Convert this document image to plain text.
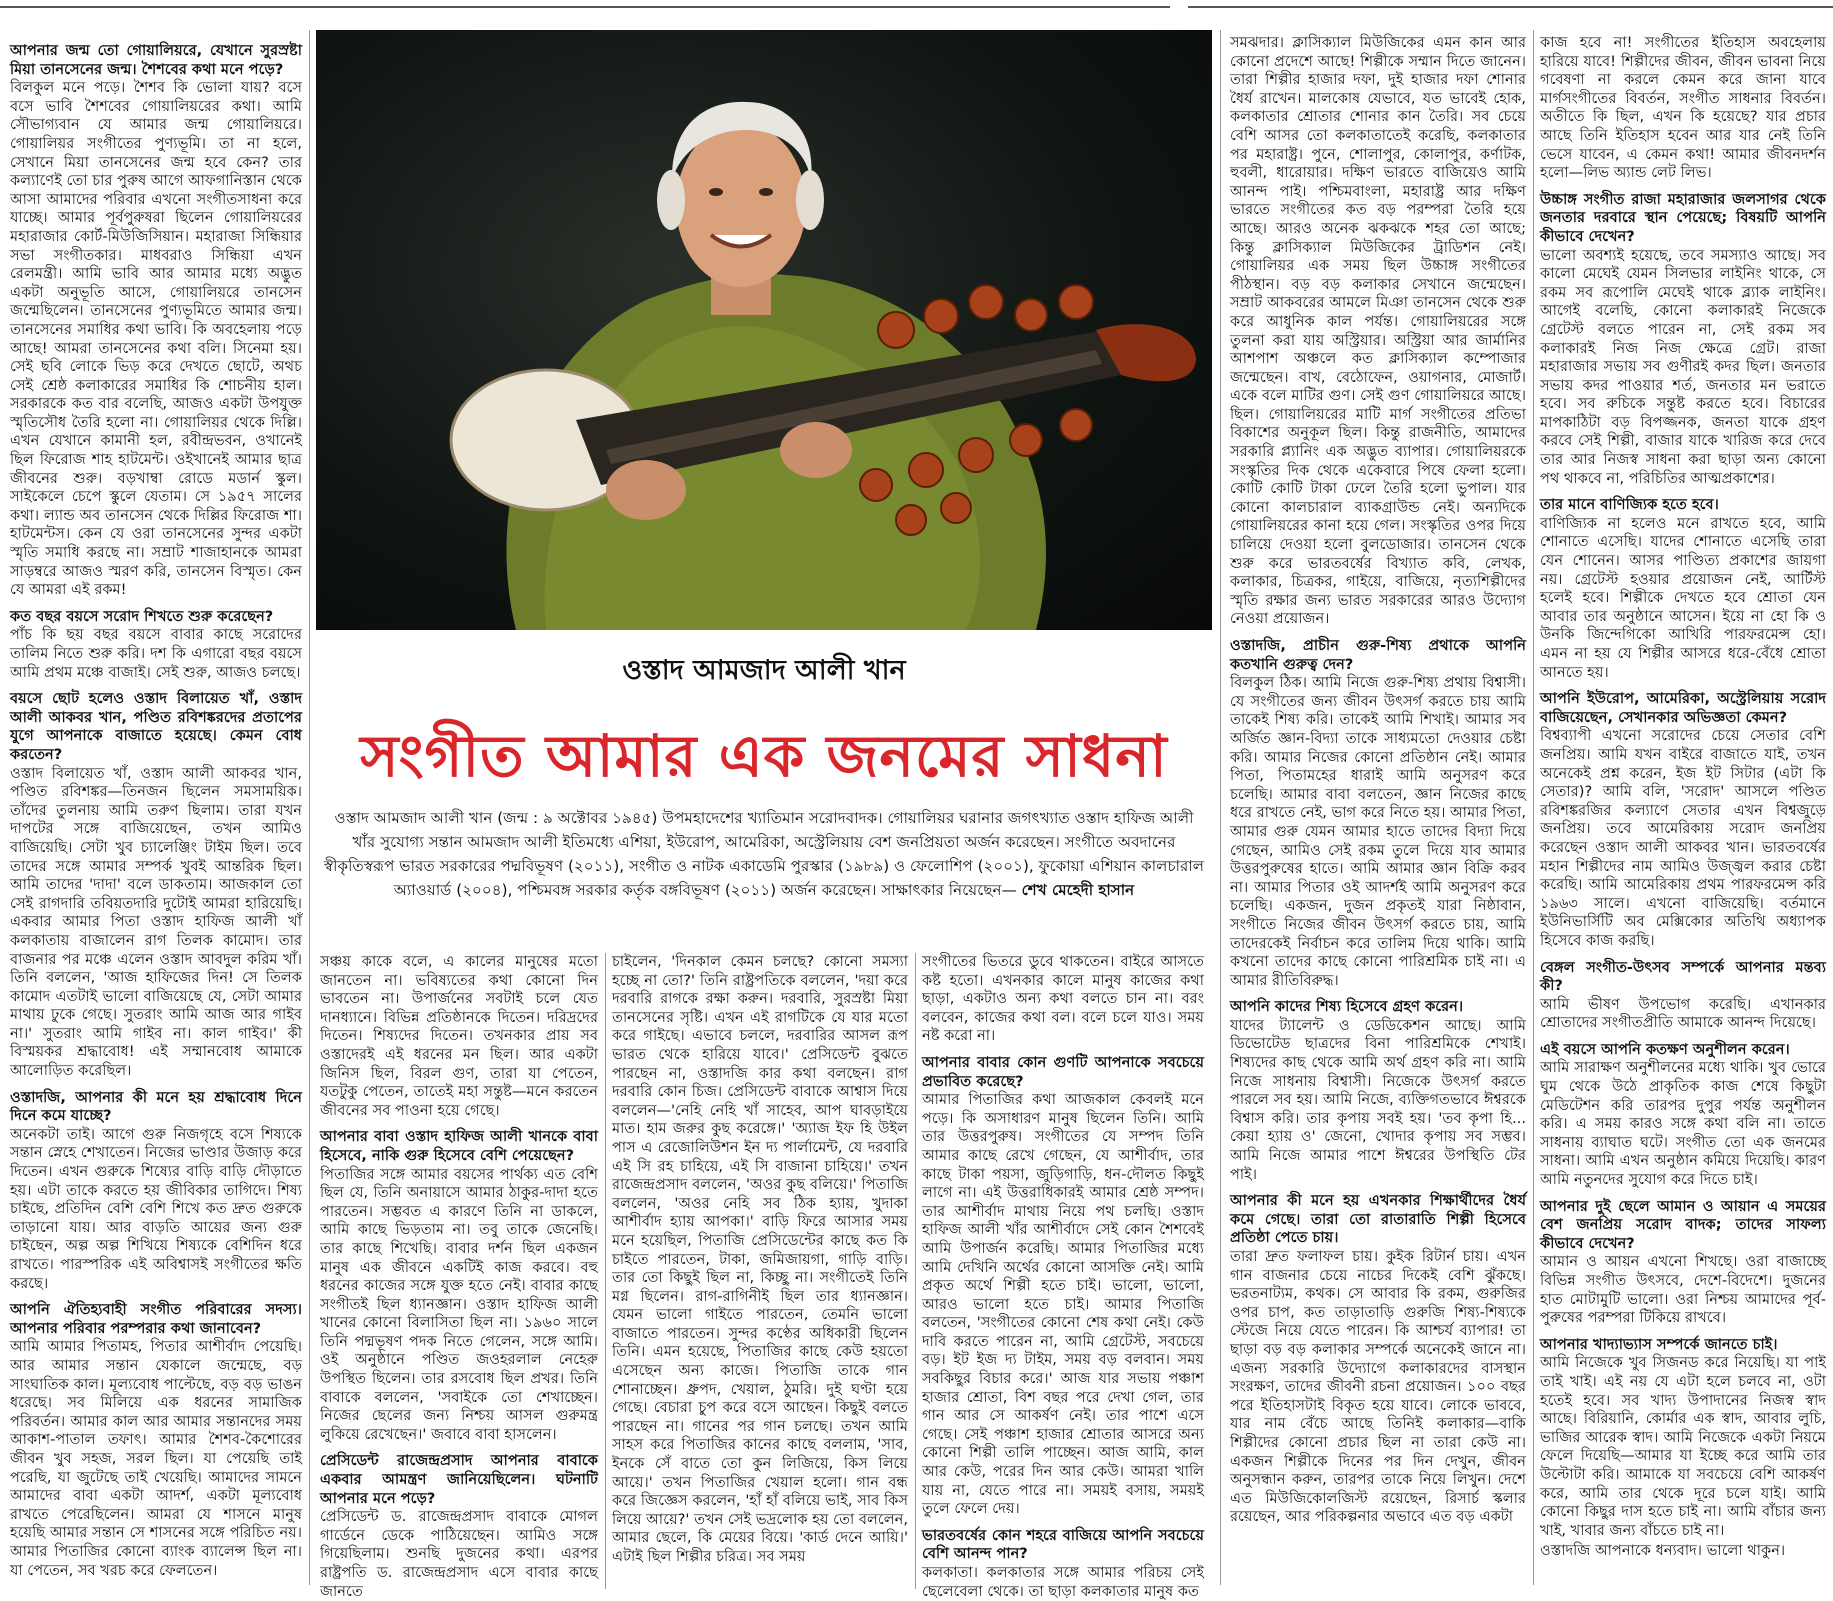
আপনার জন্ম তো গোয়ালিয়রে, যেখানে সুরস্রষ্টা মিয়া তানসেনের জন্ম। শৈশবের কথা মনে পড়ে?

বিলকুল মনে পড়ে। শৈশব কি ভোলা যায়? বসে বসে ভাবি শৈশবের গোয়ালিয়রের কথা। আমি সৌভাগ্যবান যে আমার জন্ম গোয়ালিয়রে। গোয়ালিয়র সংগীতের পুণ্যভূমি। তা না হলে, সেখানে মিয়া তানসেনের জন্ম হবে কেন? তার কল্যাণেই তো চার পুরুষ আগে আফগানিস্তান থেকে আসা আমাদের পরিবার এখনো সংগীতসাধনা করে যাচ্ছে। আমার পূর্বপুরুষরা ছিলেন গোয়ালিয়রের মহারাজার কোর্ট-মিউজিসিয়ান। মহারাজা সিন্ধিয়ার সভা সংগীতকার। মাধবরাও সিন্ধিয়া এখন রেলমন্ত্রী। আমি ভাবি আর আমার মধ্যে অদ্ভুত একটা অনুভূতি আসে, গোয়ালিয়রে তানসেন জন্মেছিলেন। তানসেনের পুণ্যভূমিতে আমার জন্ম। তানসেনের সমাধির কথা ভাবি। কি অবহেলায় পড়ে আছে! আমরা তানসেনের কথা বলি। সিনেমা হয়। সেই ছবি লোকে ভিড় করে দেখতে ছোটে, অথচ সেই শ্রেষ্ঠ কলাকারের সমাধির কি শোচনীয় হাল। সরকারকে কত বার বলেছি, আজও একটা উপযুক্ত স্মৃতিসৌধ তৈরি হলো না। গোয়ালিয়র থেকে দিল্লি। এখন যেখানে কামানী হল, রবীন্দ্রভবন, ওখানেই ছিল ফিরোজ শাহ হাটমেন্ট। ওইখানেই আমার ছাত্র জীবনের শুরু। বড়খাম্বা রোডে মডার্ন স্কুল। সাইকেলে চেপে স্কুলে যেতাম। সে ১৯৫৭ সালের কথা। ল্যান্ড অব তানসেন থেকে দিল্লির ফিরোজ শা। হাটমেন্টস। কেন যে ওরা তানসেনের সুন্দর একটা স্মৃতি সমাধি করছে না। সম্রাট শাজাহানকে আমরা সাড়ম্বরে আজও স্মরণ করি, তানসেন বিস্মৃত। কেন যে আমরা এই রকম!

কত বছর বয়সে সরোদ শিখতে শুরু করেছেন?

পাঁচ কি ছয় বছর বয়সে বাবার কাছে সরোদের তালিম নিতে শুরু করি। দশ কি এগারো বছর বয়সে আমি প্রথম মঞ্চে বাজাই। সেই শুরু, আজও চলছে।

বয়সে ছোট হলেও ওস্তাদ বিলায়েত খাঁ, ওস্তাদ আলী আকবর খান, পণ্ডিত রবিশঙ্করদের প্রতাপের যুগে আপনাকে বাজাতে হয়েছে। কেমন বোধ করতেন?

ওস্তাদ বিলায়েত খাঁ, ওস্তাদ আলী আকবর খান, পণ্ডিত রবিশঙ্কর—তিনজন ছিলেন সমসাময়িক। তাঁদের তুলনায় আমি তরুণ ছিলাম। তারা যখন দাপটের সঙ্গে বাজিয়েছেন, তখন আমিও বাজিয়েছি। সেটা খুব চ্যালেঞ্জিং টাইম ছিল। তবে তাদের সঙ্গে আমার সম্পর্ক খুবই আন্তরিক ছিল। আমি তাদের 'দাদা' বলে ডাকতাম। আজকাল তো সেই রাগদারি তবিয়তদারি দুটোই আমরা হারিয়েছি। একবার আমার পিতা ওস্তাদ হাফিজ আলী খাঁ কলকাতায় বাজালেন রাগ তিলক কামোদ। তার বাজনার পর মঞ্চে এলেন ওস্তাদ আবদুল করিম খাঁ। তিনি বললেন, 'আজ হাফিজের দিন! সে তিলক কামোদ এতটাই ভালো বাজিয়েছে যে, সেটা আমার মাথায় ঢুকে গেছে। সুতরাং আমি আজ আর গাইব না।' সুতরাং আমি গাইব না। কাল গাইব।' কী বিস্ময়কর শ্রদ্ধাবোধ! এই সম্মানবোধ আমাকে আলোড়িত করেছিল।

ওস্তাদজি, আপনার কী মনে হয় শ্রদ্ধাবোধ দিনে দিনে কমে যাচ্ছে?

অনেকটা তাই। আগে গুরু নিজগৃহে বসে শিষ্যকে সন্তান স্নেহে শেখাতেন। নিজের ভাণ্ডার উজাড় করে দিতেন। এখন গুরুকে শিষ্যের বাড়ি বাড়ি দৌড়াতে হয়। এটা তাকে করতে হয় জীবিকার তাগিদে। শিষ্য চাইছে, প্রতিদিন বেশি বেশি শিখে কত দ্রুত গুরুকে তাড়ানো যায়। আর বাড়তি আয়ের জন্য গুরু চাইছেন, অল্প অল্প শিখিয়ে শিষ্যকে বেশিদিন ধরে রাখতে। পারস্পরিক এই অবিশ্বাসই সংগীতের ক্ষতি করছে।

আপনি ঐতিহ্যবাহী সংগীত পরিবারের সদস্য। আপনার পরিবার পরম্পরার কথা জানাবেন?

আমি আমার পিতামহ, পিতার আশীর্বাদ পেয়েছি। আর আমার সন্তান যেকালে জন্মেছে, বড় সাংঘাতিক কাল। মূল্যবোধ পাল্টেছে, বড় বড় ভাঙন ধরেছে। সব মিলিয়ে এক ধরনের সামাজিক পরিবর্তন। আমার কাল আর আমার সন্তানদের সময় আকাশ-পাতাল তফাৎ। আমার শৈশব-কৈশোরের জীবন খুব সহজ, সরল ছিল। যা পেয়েছি তাই পরেছি, যা জুটেছে তাই খেয়েছি। আমাদের সামনে আমাদের বাবা একটা আদর্শ, একটা মূল্যবোধ রাখতে পেরেছিলেন। আমরা যে শাসনে মানুষ হয়েছি আমার সন্তান সে শাসনের সঙ্গে পরিচিত নয়। আমার পিতাজির কোনো ব্যাংক ব্যালেন্স ছিল না। যা পেতেন, সব খরচ করে ফেলতেন।

সঞ্চয় কাকে বলে, এ কালের মানুষের মতো জানতেন না। ভবিষ্যতের কথা কোনো দিন ভাবতেন না। উপার্জনের সবটাই চলে যেত দানধ্যানে। বিভিন্ন প্রতিষ্ঠানকে দিতেন। দরিদ্রদের দিতেন। শিষ্যদের দিতেন। তখনকার প্রায় সব ওস্তাদেরই এই ধরনের মন ছিল। আর একটা জিনিস ছিল, বিরল গুণ, তারা যা পেতেন, যতটুকু পেতেন, তাতেই মহা সন্তুষ্ট—মনে করতেন জীবনের সব পাওনা হয়ে গেছে।

আপনার বাবা ওস্তাদ হাফিজ আলী খানকে বাবা হিসেবে, নাকি গুরু হিসেবে বেশি পেয়েছেন?

পিতাজির সঙ্গে আমার বয়সের পার্থক্য এত বেশি ছিল যে, তিনি অনায়াসে আমার ঠাকুর-দাদা হতে পারতেন। সম্ভবত এ কারণে তিনি না ডাকলে, আমি কাছে ভিড়তাম না। তবু তাকে জেনেছি। তার কাছে শিখেছি। বাবার দর্শন ছিল একজন মানুষ এক জীবনে একটিই কাজ করবে। বহু ধরনের কাজের সঙ্গে যুক্ত হতে নেই। বাবার কাছে সংগীতই ছিল ধ্যানজ্ঞান। ওস্তাদ হাফিজ আলী খানের কোনো বিলাসিতা ছিল না। ১৯৬০ সালে তিনি পদ্মভূষণ পদক নিতে গেলেন, সঙ্গে আমি। ওই অনুষ্ঠানে পণ্ডিত জওহরলাল নেহেরু উপস্থিত ছিলেন। তার রসবোধ ছিল প্রখর। তিনি বাবাকে বললেন, 'সবাইকে তো শেখাচ্ছেন। নিজের ছেলের জন্য নিশ্চয় আসল গুরুমন্ত্র লুকিয়ে রেখেছেন।' জবাবে বাবা হাসলেন।

প্রেসিডেন্ট রাজেন্দ্রপ্রসাদ আপনার বাবাকে একবার আমন্ত্রণ জানিয়েছিলেন। ঘটনাটি আপনার মনে পড়ে?

প্রেসিডেন্ট ড. রাজেন্দ্রপ্রসাদ বাবাকে মোগল গার্ডেনে ডেকে পাঠিয়েছেন। আমিও সঙ্গে গিয়েছিলাম। শুনছি দুজনের কথা। এরপর রাষ্ট্রপতি ড. রাজেন্দ্রপ্রসাদ এসে বাবার কাছে জানতে

চাইলেন, 'দিনকাল কেমন চলছে? কোনো সমস্যা হচ্ছে না তো?' তিনি রাষ্ট্রপতিকে বললেন, 'দয়া করে দরবারি রাগকে রক্ষা করুন। দরবারি, সুরস্রষ্টা মিয়া তানসেনের সৃষ্টি। এখন এই রাগটিকে যে যার মতো করে গাইছে। এভাবে চললে, দরবারির আসল রূপ ভারত থেকে হারিয়ে যাবে।' প্রেসিডেন্ট বুঝতে পারছেন না, ওস্তাদজি কার কথা বলছেন। রাগ দরবারি কোন চিজ। প্রেসিডেন্ট বাবাকে আশ্বাস দিয়ে বললেন—'নেহি নেহি খাঁ সাহেব, আপ ঘাবড়াইয়ে মাত। হাম জরুর কুছ করেঙ্গে।' 'অ্যাজ ইফ হি উইল পাস এ রেজোলিউশন ইন দ্য পার্লামেন্ট, যে দরবারি এই সি রহ চাহিয়ে, এই সি বাজানা চাহিয়ে।' তখন রাজেন্দ্রপ্রসাদ বললেন, 'অওর কুছ বলিয়ে।' পিতাজি বললেন, 'অওর নেহি সব ঠিক হ্যায়, খুদাকা আশীর্বাদ হ্যায় আপকা।' বাড়ি ফিরে আসার সময় মনে হয়েছিল, পিতাজি প্রেসিডেন্টের কাছে কত কি চাইতে পারতেন, টাকা, জমিজায়গা, গাড়ি বাড়ি। তার তো কিছুই ছিল না, কিচ্ছু না। সংগীতেই তিনি মগ্ন ছিলেন। রাগ-রাগিনীই ছিল তার ধ্যানজ্ঞান। যেমন ভালো গাইতে পারতেন, তেমনি ভালো বাজাতে পারতেন। সুন্দর কণ্ঠের অধিকারী ছিলেন তিনি। এমন হয়েছে, পিতাজির কাছে কেউ হয়তো এসেছেন অন্য কাজে। পিতাজি তাকে গান শোনাচ্ছেন। ধ্রুপদ, খেয়াল, ঠুমরি। দুই ঘণ্টা হয়ে গেছে। বেচারা চুপ করে বসে আছেন। কিছুই বলতে পারছেন না। গানের পর গান চলছে। তখন আমি সাহস করে পিতাজির কানের কাছে বললাম, 'সাব, ইনকে সেঁ বাতে তো কুন লিজিয়ে, কিস লিয়ে আয়ে।' তখন পিতাজির খেয়াল হলো। গান বন্ধ করে জিজ্ঞেস করলেন, 'হাঁ হাঁ বলিয়ে ভাই, সাব কিস লিয়ে আয়ে?' তখন সেই ভদ্রলোক হয় তো বললেন, আমার ছেলে, কি মেয়ের বিয়ে। 'কার্ড দেনে আয়ি।' এটাই ছিল শিল্পীর চরিত্র। সব সময়

সংগীতের ভিতরে ডুবে থাকতেন। বাইরে আসতে কষ্ট হতো। এখনকার কালে মানুষ কাজের কথা ছাড়া, একটাও অন্য কথা বলতে চান না। বরং বলবেন, কাজের কথা বল। বলে চলে যাও। সময় নষ্ট করো না।

আপনার বাবার কোন গুণটি আপনাকে সবচেয়ে প্রভাবিত করেছে?

আমার পিতাজির কথা আজকাল কেবলই মনে পড়ে। কি অসাধারণ মানুষ ছিলেন তিনি। আমি তার উত্তরপুরুষ। সংগীতের যে সম্পদ তিনি আমার কাছে রেখে গেছেন, যে আশীর্বাদ, তার কাছে টাকা পয়সা, জুড়িগাড়ি, ধন-দৌলত কিছুই লাগে না। এই উত্তরাধিকারই আমার শ্রেষ্ঠ সম্পদ। তার আশীর্বাদ মাথায় নিয়ে পথ চলছি। ওস্তাদ হাফিজ আলী খাঁর আশীর্বাদে সেই কোন শৈশবেই আমি উপার্জন করেছি। আমার পিতাজির মধ্যে আমি দেখিনি অর্থের কোনো আসক্তি নেই। আমি প্রকৃত অর্থে শিল্পী হতে চাই। ভালো, ভালো, আরও ভালো হতে চাই। আমার পিতাজি বলতেন, 'সংগীতের কোনো শেষ কথা নেই। কেউ দাবি করতে পারেন না, আমি গ্রেটেস্ট, সবচেয়ে বড়। ইট ইজ দ্য টাইম, সময় বড় বলবান। সময় সবকিছুর বিচার করে।' আজ যার সভায় পঞ্চাশ হাজার শ্রোতা, বিশ বছর পরে দেখা গেল, তার গান আর সে আকর্ষণ নেই। তার পাশে এসে গেছে। সেই পঞ্চাশ হাজার শ্রোতার আসরে অন্য কোনো শিল্পী তালি পাচ্ছেন। আজ আমি, কাল আর কেউ, পরের দিন আর কেউ। আমরা খালি যায় না, যেতে পারে না। সময়ই বসায়, সময়ই তুলে ফেলে দেয়।

ভারতবর্ষের কোন শহরে বাজিয়ে আপনি সবচেয়ে বেশি আনন্দ পান?

কলকাতা। কলকাতার সঙ্গে আমার পরিচয় সেই ছেলেবেলা থেকে। তা ছাড়া কলকাতার মানুষ কত

সমঝদার। ক্লাসিক্যাল মিউজিকের এমন কান আর কোনো প্রদেশে আছে! শিল্পীকে সম্মান দিতে জানেন। তারা শিল্পীর হাজার দফা, দুই হাজার দফা শোনার ধৈর্য রাখেন। মালকোষ যেভাবে, যত ভাবেই হোক, কলকাতার শ্রোতার শোনার কান তৈরি। সব চেয়ে বেশি আসর তো কলকাতাতেই করেছি, কলকাতার পর মহারাষ্ট্র। পুনে, শোলাপুর, কোলাপুর, কর্ণাটক, হুবলী, ধারোয়ার। দক্ষিণ ভারতে বাজিয়েও আমি আনন্দ পাই। পশ্চিমবাংলা, মহারাষ্ট্র আর দক্ষিণ ভারতে সংগীতের কত বড় পরম্পরা তৈরি হয়ে আছে। আরও অনেক ঝকঝকে শহর তো আছে; কিন্তু ক্লাসিক্যাল মিউজিকের ট্রাডিশন নেই। গোয়ালিয়র এক সময় ছিল উচ্চাঙ্গ সংগীতের পীঠস্থান। বড় বড় কলাকার সেখানে জন্মেছেন। সম্রাট আকবরের আমলে মিঞা তানসেন থেকে শুরু করে আধুনিক কাল পর্যন্ত। গোয়ালিয়রের সঙ্গে তুলনা করা যায় অস্ট্রিয়ার। অস্ট্রিয়া আর জার্মানির আশপাশ অঞ্চলে কত ক্লাসিক্যাল কম্পোজার জন্মেছেন। বাখ, বেঠোফেন, ওয়াগনার, মোজার্ট। একে বলে মাটির গুণ। সেই গুণ গোয়ালিয়রে আছে। ছিল। গোয়ালিয়রের মাটি মার্গ সংগীতের প্রতিভা বিকাশের অনুকূল ছিল। কিন্তু রাজনীতি, আমাদের সরকারি প্ল্যানিং এক অদ্ভুত ব্যাপার। গোয়ালিয়রকে সংস্কৃতির দিক থেকে একেবারে পিষে ফেলা হলো। কোটি কোটি টাকা ঢেলে তৈরি হলো ভুপাল। যার কোনো কালচারাল ব্যাকগ্রাউন্ড নেই। অন্যদিকে গোয়ালিয়রের কানা হয়ে গেল। সংস্কৃতির ওপর দিয়ে চালিয়ে দেওয়া হলো বুলডোজার। তানসেন থেকে শুরু করে ভারতবর্ষের বিখ্যাত কবি, লেখক, কলাকার, চিত্রকর, গাইয়ে, বাজিয়ে, নৃত্যশিল্পীদের স্মৃতি রক্ষার জন্য ভারত সরকারের আরও উদ্যোগ নেওয়া প্রয়োজন।

ওস্তাদজি, প্রাচীন গুরু-শিষ্য প্রথাকে আপনি কতখানি গুরুত্ব দেন?

বিলকুল ঠিক। আমি নিজে গুরু-শিষ্য প্রথায় বিশ্বাসী। যে সংগীতের জন্য জীবন উৎসর্গ করতে চায় আমি তাকেই শিষ্য করি। তাকেই আমি শিখাই। আমার সব অর্জিত জ্ঞান-বিদ্যা তাকে সাধ্যমতো দেওয়ার চেষ্টা করি। আমার নিজের কোনো প্রতিষ্ঠান নেই। আমার পিতা, পিতামহের ধারাই আমি অনুসরণ করে চলেছি। আমার বাবা বলতেন, জ্ঞান নিজের কাছে ধরে রাখতে নেই, ভাগ করে নিতে হয়। আমার পিতা, আমার গুরু যেমন আমার হাতে তাদের বিদ্যা দিয়ে গেছেন, আমিও সেই রকম তুলে দিয়ে যাব আমার উত্তরপুরুষের হাতে। আমি আমার জ্ঞান বিক্রি করব না। আমার পিতার ওই আদর্শই আমি অনুসরণ করে চলেছি। একজন, দুজন প্রকৃতই যারা নিষ্ঠাবান, সংগীতে নিজের জীবন উৎসর্গ করতে চায়, আমি তাদেরকেই নির্বাচন করে তালিম দিয়ে থাকি। আমি কখনো তাদের কাছে কোনো পারিশ্রমিক চাই না। এ আমার রীতিবিরুদ্ধ।

আপনি কাদের শিষ্য হিসেবে গ্রহণ করেন।

যাদের ট্যালেন্ট ও ডেডিকেশন আছে। আমি ডিভোটেড ছাত্রদের বিনা পারিশ্রমিকে শেখাই। শিষ্যদের কাছ থেকে আমি অর্থ গ্রহণ করি না। আমি নিজে সাধনায় বিশ্বাসী। নিজেকে উৎসর্গ করতে পারলে সব হয়। আমি নিজে, ব্যক্তিগতভাবে ঈশ্বরকে বিশ্বাস করি। তার কৃপায় সবই হয়। 'তব কৃপা হি... কেয়া হ্যায় ও' জেনো, খোদার কৃপায় সব সম্ভব। আমি নিজে আমার পাশে ঈশ্বরের উপস্থিতি টের পাই।

আপনার কী মনে হয় এখনকার শিক্ষার্থীদের ধৈর্য কমে গেছে। তারা তো রাতারাতি শিল্পী হিসেবে প্রতিষ্ঠা পেতে চায়।

তারা দ্রুত ফলাফল চায়। কুইক রিটার্ন চায়। এখন গান বাজনার চেয়ে নাচের দিকেই বেশি ঝুঁকছে। ভরতনাট্যম, কথক। সে আবার কি রকম, গুরুজির ওপর চাপ, কত তাড়াতাড়ি গুরুজি শিষ্য-শিষ্যকে স্টেজে নিয়ে যেতে পারেন। কি আশ্চর্য ব্যাপার! তা ছাড়া বড় বড় কলাকার সম্পর্কে অনেকেই জানে না। এজন্য সরকারি উদ্যোগে কলাকারদের বাসস্থান সংরক্ষণ, তাদের জীবনী রচনা প্রয়োজন। ১০০ বছর পরে ইতিহাসটাই বিকৃত হয়ে যাবে। লোকে ভাববে, যার নাম বেঁচে আছে তিনিই কলাকার—বাকি শিল্পীদের কোনো প্রচার ছিল না তারা কেউ না। একজন শিল্পীকে দিনের পর দিন দেখুন, জীবন অনুসন্ধান করুন, তারপর তাকে নিয়ে লিখুন। দেশে এত মিউজিকোলজিস্ট রয়েছেন, রিসার্চ স্কলার রয়েছেন, আর পরিকল্পনার অভাবে এত বড় একটা

কাজ হবে না! সংগীতের ইতিহাস অবহেলায় হারিয়ে যাবে! শিল্পীদের জীবন, জীবন ভাবনা নিয়ে গবেষণা না করলে কেমন করে জানা যাবে মার্গসংগীতের বিবর্তন, সংগীত সাধনার বিবর্তন। অতীতে কি ছিল, এখন কি হয়েছে? যার প্রচার আছে তিনি ইতিহাস হবেন আর যার নেই তিনি ভেসে যাবেন, এ কেমন কথা! আমার জীবনদর্শন হলো—লিভ অ্যান্ড লেট লিভ।

উচ্চাঙ্গ সংগীত রাজা মহারাজার জলসাগর থেকে জনতার দরবারে স্থান পেয়েছে; বিষয়টি আপনি কীভাবে দেখেন?

ভালো অবশ্যই হয়েছে, তবে সমস্যাও আছে। সব কালো মেঘেই যেমন সিলভার লাইনিং থাকে, সে রকম সব রূপোলি মেঘেই থাকে ব্ল্যাক লাইনিং। আগেই বলেছি, কোনো কলাকারই নিজেকে গ্রেটেস্ট বলতে পারেন না, সেই রকম সব কলাকারই নিজ নিজ ক্ষেত্রে গ্রেট। রাজা মহারাজার সভায় সব গুণীরই কদর ছিল। জনতার সভায় কদর পাওয়ার শর্ত, জনতার মন ভরাতে হবে। সব রুচিকে সন্তুষ্ট করতে হবে। বিচারের মাপকাঠিটা বড় বিপজ্জনক, জনতা যাকে গ্রহণ করবে সেই শিল্পী, বাজার যাকে খারিজ করে দেবে তার আর নিজস্ব সাধনা করা ছাড়া অন্য কোনো পথ থাকবে না, পরিচিতির আত্মপ্রকাশের।

তার মানে বাণিজ্যিক হতে হবে।

বাণিজ্যিক না হলেও মনে রাখতে হবে, আমি শোনাতে এসেছি। যাদের শোনাতে এসেছি তারা যেন শোনেন। আসর পাণ্ডিত্য প্রকাশের জায়গা নয়। গ্রেটেস্ট হওয়ার প্রয়োজন নেই, আর্টিস্ট হলেই হবে। শিল্পীকে দেখতে হবে শ্রোতা যেন আবার তার অনুষ্ঠানে আসেন। ইয়ে না হো কি ও উনকি জিন্দেগিকো আখিরি পারফরমেন্স হো। এমন না হয় যে শিল্পীর আসরে ধরে-বেঁধে শ্রোতা আনতে হয়।

আপনি ইউরোপ, আমেরিকা, অস্ট্রেলিয়ায় সরোদ বাজিয়েছেন, সেখানকার অভিজ্ঞতা কেমন?

বিশ্বব্যাপী এখনো সরোদের চেয়ে সেতার বেশি জনপ্রিয়। আমি যখন বাইরে বাজাতে যাই, তখন অনেকেই প্রশ্ন করেন, ইজ ইট সিটার (এটা কি সেতার)? আমি বলি, 'সরোদ' আসলে পণ্ডিত রবিশঙ্করজির কল্যাণে সেতার এখন বিশ্বজুড়ে জনপ্রিয়। তবে আমেরিকায় সরোদ জনপ্রিয় করেছেন ওস্তাদ আলী আকবর খান। ভারতবর্ষের মহান শিল্পীদের নাম আমিও উজ্জ্বল করার চেষ্টা করেছি। আমি আমেরিকায় প্রথম পারফরমেন্স করি ১৯৬৩ সালে। এখনো বাজিয়েছি। বর্তমানে ইউনিভার্সিটি অব মেক্সিকোর অতিথি অধ্যাপক হিসেবে কাজ করছি।

বেঙ্গল সংগীত-উৎসব সম্পর্কে আপনার মন্তব্য কী?

আমি ভীষণ উপভোগ করেছি। এখানকার শ্রোতাদের সংগীতপ্রীতি আমাকে আনন্দ দিয়েছে।

এই বয়সে আপনি কতক্ষণ অনুশীলন করেন।

আমি সারাক্ষণ অনুশীলনের মধ্যে থাকি। খুব ভোরে ঘুম থেকে উঠে প্রাকৃতিক কাজ শেষে কিছুটা মেডিটেশন করি তারপর দুপুর পর্যন্ত অনুশীলন করি। এ সময় কারও সঙ্গে কথা বলি না। তাতে সাধনায় ব্যাঘাত ঘটে। সংগীত তো এক জনমের সাধনা। আমি এখন অনুষ্ঠান কমিয়ে দিয়েছি। কারণ আমি নতুনদের সুযোগ করে দিতে চাই।

আপনার দুই ছেলে আমান ও আয়ান এ সময়ের বেশ জনপ্রিয় সরোদ বাদক; তাদের সাফল্য কীভাবে দেখেন?

আমান ও আয়ন এখনো শিখছে। ওরা বাজাচ্ছে বিভিন্ন সংগীত উৎসবে, দেশে-বিদেশে। দুজনের হাত মোটামুটি ভালো। ওরা নিশ্চয় আমাদের পূর্ব-পুরুষের পরম্পরা টিকিয়ে রাখবে।

আপনার খাদ্যাভ্যাস সম্পর্কে জানতে চাই।

আমি নিজেকে খুব সিজনড করে নিয়েছি। যা পাই তাই খাই। এই নয় যে এটা হলে চলবে না, ওটা হতেই হবে। সব খাদ্য উপাদানের নিজস্ব স্বাদ আছে। বিরিয়ানি, কোর্মার এক স্বাদ, আবার লুচি, ভাজির আরেক স্বাদ। আমি নিজেকে একটা নিয়মে ফেলে দিয়েছি—আমার যা ইচ্ছে করে আমি তার উল্টোটা করি। আমাকে যা সবচেয়ে বেশি আকর্ষণ করে, আমি তার থেকে দূরে চলে যাই। আমি কোনো কিছুর দাস হতে চাই না। আমি বাঁচার জন্য খাই, খাবার জন্য বাঁচতে চাই না।

ওস্তাদজি আপনাকে ধন্যবাদ। ভালো থাকুন।

ওস্তাদ আমজাদ আলী খান
সংগীত আমার এক জনমের সাধনা
ওস্তাদ আমজাদ আলী খান (জন্ম : ৯ অক্টোবর ১৯৪৫) উপমহাদেশের খ্যাতিমান সরোদবাদক। গোয়ালিয়র ঘরানার জগৎখ্যাত ওস্তাদ হাফিজ আলী খাঁর সুযোগ্য সন্তান আমজাদ আলী ইতিমধ্যে এশিয়া, ইউরোপ, আমেরিকা, অস্ট্রেলিয়ায় বেশ জনপ্রিয়তা অর্জন করেছেন। সংগীতে অবদানের স্বীকৃতিস্বরূপ ভারত সরকারের পদ্মবিভূষণ (২০১১), সংগীত ও নাটক একাডেমি পুরস্কার (১৯৮৯) ও ফেলোশিপ (২০০১), ফুকোয়া এশিয়ান কালচারাল অ্যাওয়ার্ড (২০০৪), পশ্চিমবঙ্গ সরকার কর্তৃক বঙ্গবিভূষণ (২০১১) অর্জন করেছেন। সাক্ষাৎকার নিয়েছেন— শেখ মেহেদী হাসান
